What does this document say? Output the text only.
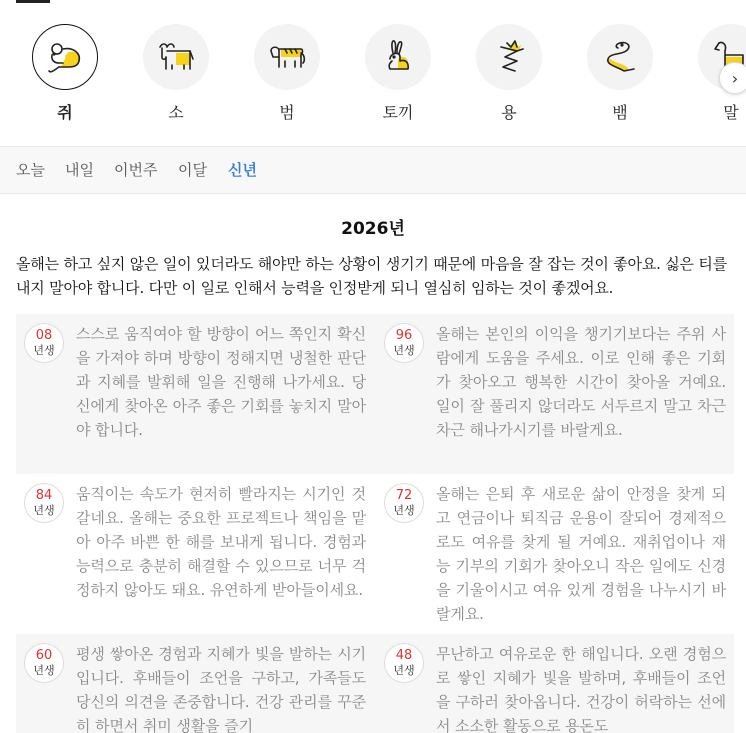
쥐	소	범	토끼	용	뱀	말
›
오늘 내일 이번주 이달 신년
2026년
올해는 하고 싶지 않은 일이 있더라도 해야만 하는 상황이 생기기 때문에 마음을 잘 잡는 것이 좋아요. 싫은 티를 내지 말아야 합니다. 다만 이 일로 인해서 능력을 인정받게 되니 열심히 임하는 것이 좋겠어요.
08
년생
스스로 움직여야 할 방향이 어느 쪽인지 확신을 가져야 하며 방향이 정해지면 냉철한 판단과 지혜를 발휘해 일을 진행해 나가세요. 당신에게 찾아온 아주 좋은 기회를 놓치지 말아야 합니다.
96
년생
올해는 본인의 이익을 챙기기보다는 주위 사람에게 도움을 주세요. 이로 인해 좋은 기회가 찾아오고 행복한 시간이 찾아올 거예요. 일이 잘 풀리지 않더라도 서두르지 말고 차근차근 해나가시기를 바랄게요.
84
년생
움직이는 속도가 현저히 빨라지는 시기인 것 갈네요. 올해는 중요한 프로젝트나 책임을 맡아 아주 바쁜 한 해를 보내게 됩니다. 경험과 능력으로 충분히 해결할 수 있으므로 너무 걱정하지 않아도 돼요. 유연하게 받아들이세요.
72
년생
올해는 은퇴 후 새로운 삶이 안정을 찾게 되고 연금이나 퇴직금 운용이 잘되어 경제적으로도 여유를 찾게 될 거예요. 재취업이나 재능 기부의 기회가 찾아오니 작은 일에도 신경을 기울이시고 여유 있게 경험을 나누시기 바랄게요.
60
년생
평생 쌓아온 경험과 지혜가 빛을 발하는 시기입니다. 후배들이 조언을 구하고, 가족들도 당신의 의견을 존중합니다. 건강 관리를 꾸준히 하면서 취미 생활을 즐기
48
년생
무난하고 여유로운 한 해입니다. 오랜 경험으로 쌓인 지혜가 빛을 발하며, 후배들이 조언을 구하러 찾아옵니다. 건강이 허락하는 선에서 소소한 활동으로 용돈도
